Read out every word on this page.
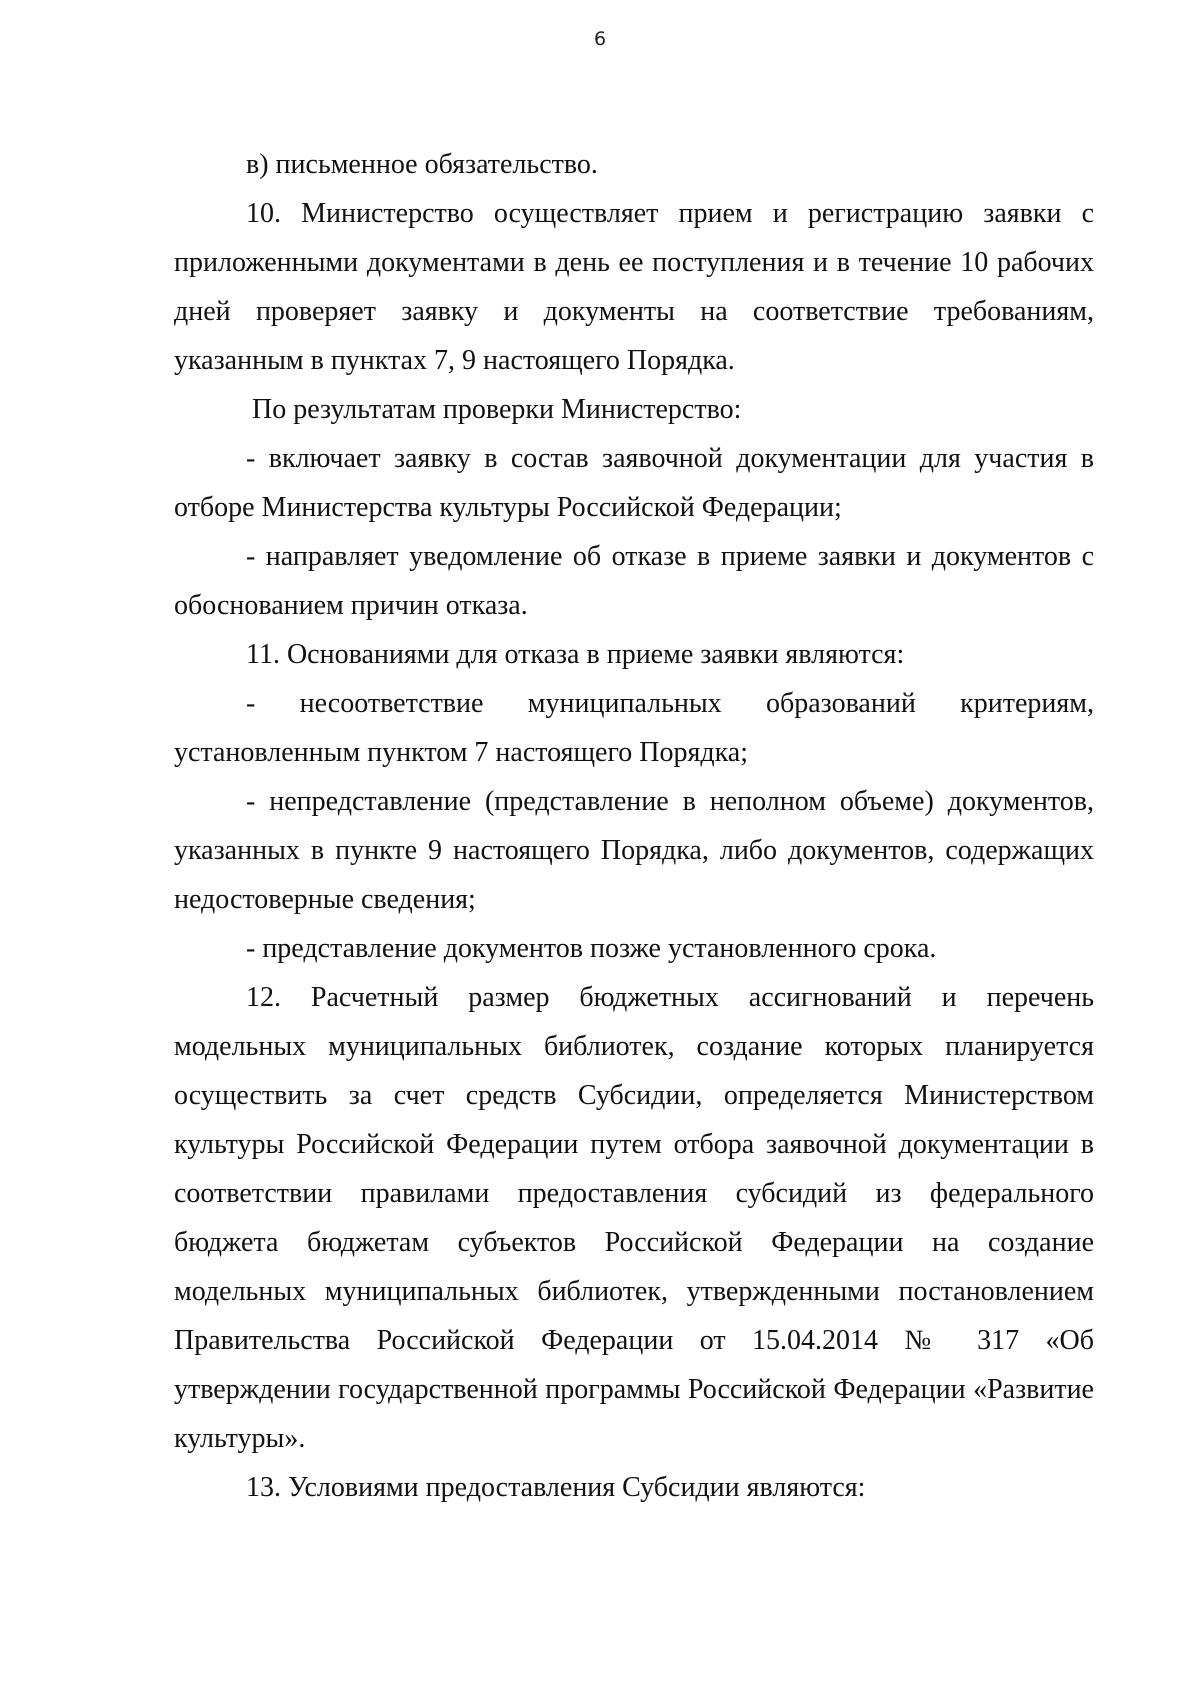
6

в) письменное обязательство.

10. Министерство осуществляет прием и регистрацию заявки с приложенными документами в день ее поступления и в течение 10 рабочих дней проверяет заявку и документы на соответствие требованиям, указанным в пунктах 7, 9 настоящего Порядка.

По результатам проверки Министерство:

- включает заявку в состав заявочной документации для участия в отборе Министерства культуры Российской Федерации;

- направляет уведомление об отказе в приеме заявки и документов с обоснованием причин отказа.

11. Основаниями для отказа в приеме заявки являются:

- несоответствие муниципальных образований критериям, установленным пунктом 7 настоящего Порядка;

- непредставление (представление в неполном объеме) документов, указанных в пункте 9 настоящего Порядка, либо документов, содержащих недостоверные сведения;

- представление документов позже установленного срока.

12. Расчетный размер бюджетных ассигнований и перечень модельных муниципальных библиотек, создание которых планируется осуществить за счет средств Субсидии, определяется Министерством культуры Российской Федерации путем отбора заявочной документации в соответствии правилами предоставления субсидий из федерального бюджета бюджетам субъектов Российской Федерации на создание модельных муниципальных библиотек, утвержденными постановлением Правительства Российской Федерации от 15.04.2014 № 317 «Об утверждении государственной программы Российской Федерации «Развитие культуры».

13. Условиями предоставления Субсидии являются:
